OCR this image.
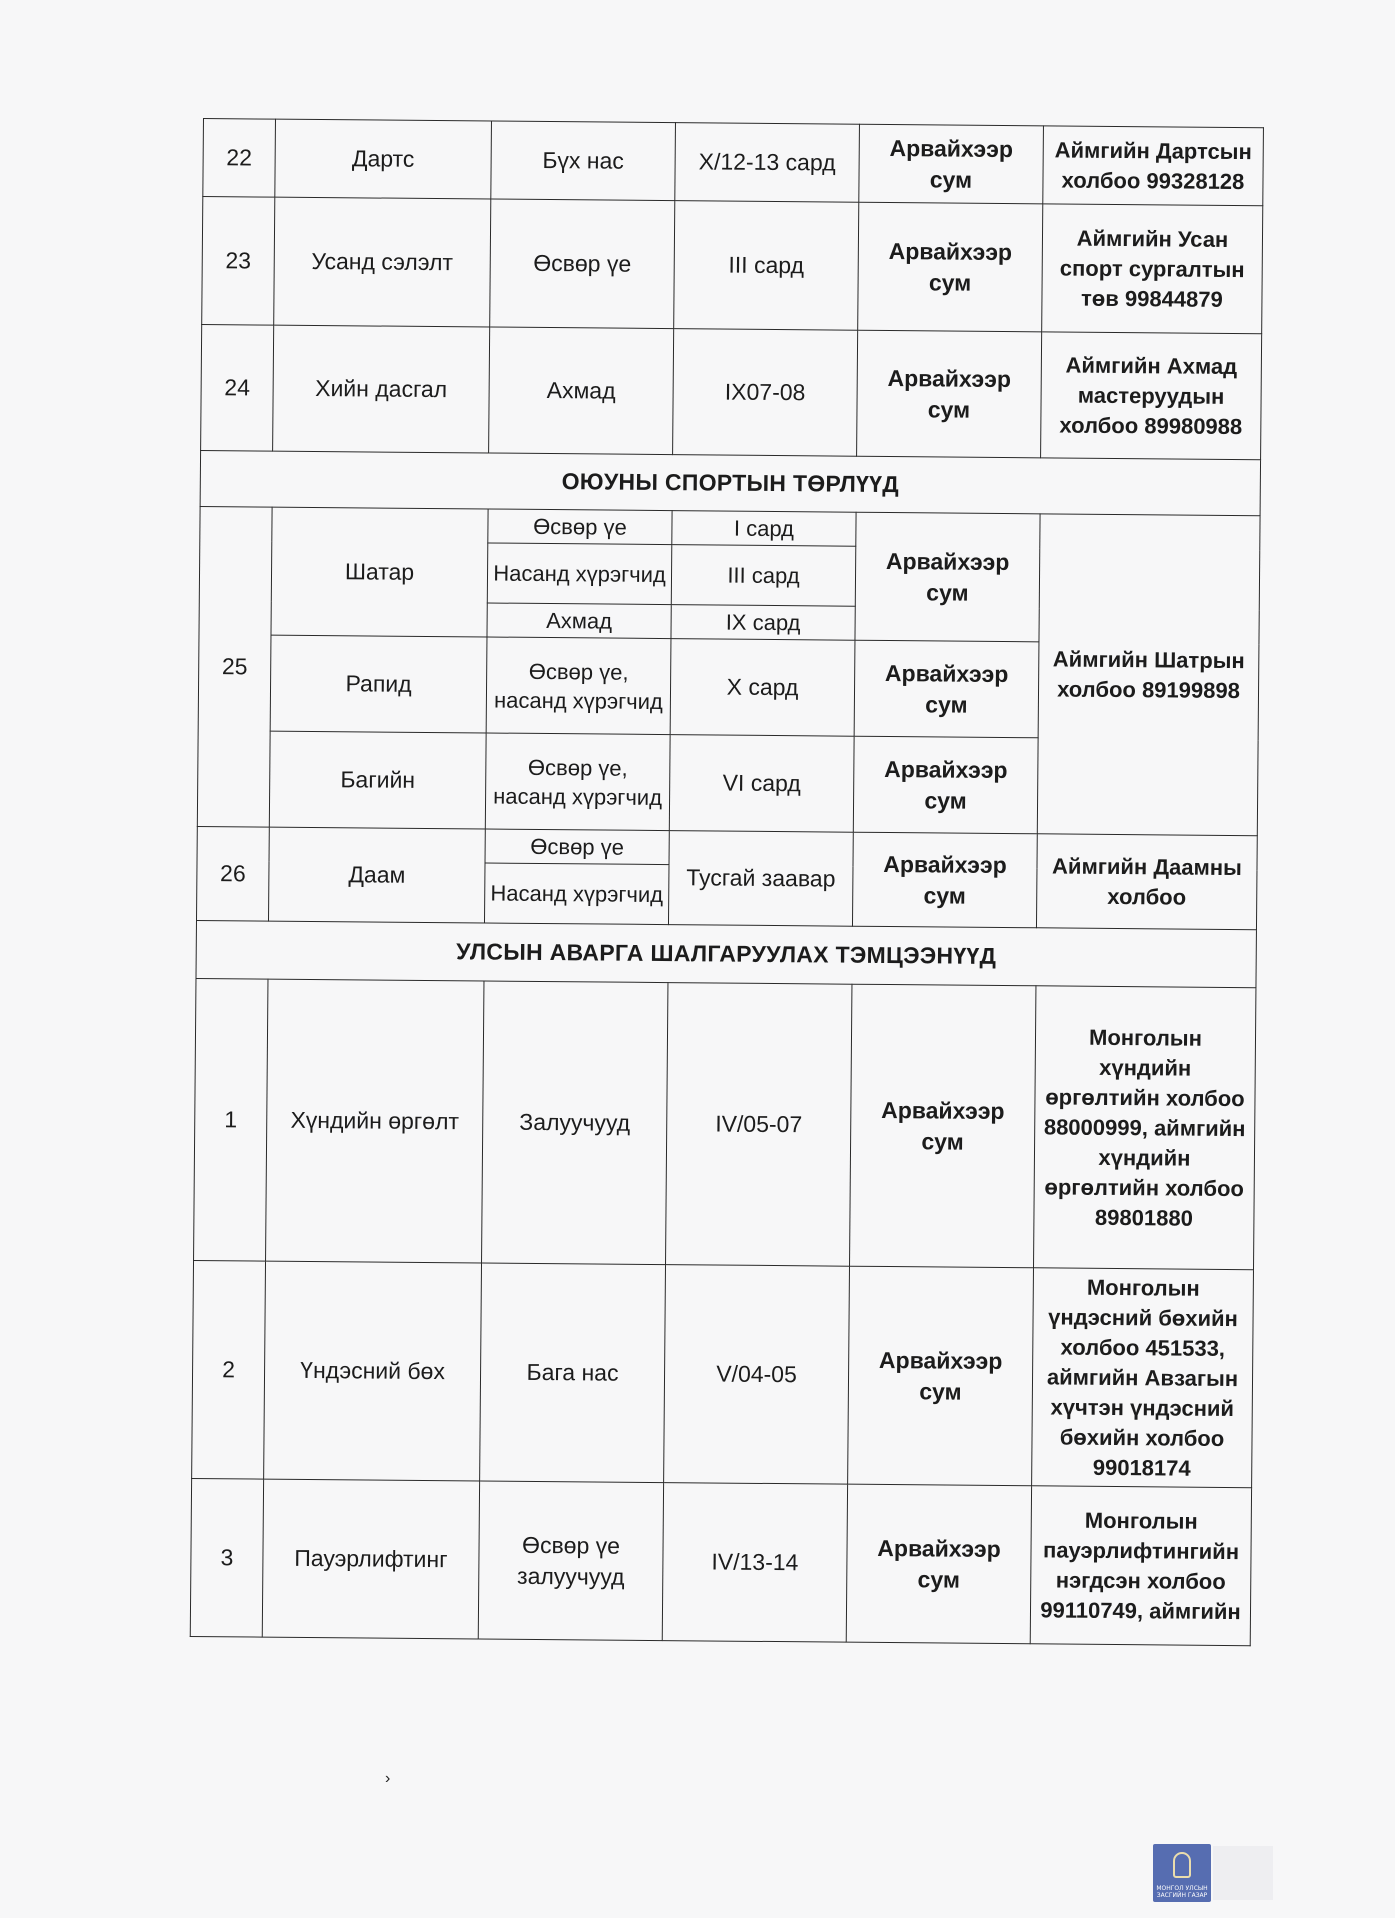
22	Дартс	Бүх нас	X/12-13 сард	Арвайхээр сум	Аймгийн Дартсын холбоо 99328128
23	Усанд сэлэлт	Өсвөр үе	III сард	Арвайхээр сум	Аймгийн Усан спорт сургалтын төв 99844879
24	Хийн дасгал	Ахмад	IX07-08	Арвайхээр сум	Аймгийн Ахмад мастеруудын холбоо 89980988
ОЮУНЫ СПОРТЫН ТӨРЛҮҮД					
25	Шатар	Өсвөр үе	I сард	Арвайхээр сум	Аймгийн Шатрын холбоо 89199898
		Насанд хүрэгчид	III сард		
		Ахмад	IX сард		
	Рапид	Өсвөр үе, насанд хүрэгчид	X сард	Арвайхээр сум	
	Багийн	Өсвөр үе, насанд хүрэгчид	VI сард	Арвайхээр сум	
26	Даам	Өсвөр үе	Тусгай заавар	Арвайхээр сум	Аймгийн Даамны холбоо
		Насанд хүрэгчид			
УЛСЫН АВАРГА ШАЛГАРУУЛАХ ТЭМЦЭЭНҮҮД					
1	Хүндийн өргөлт	Залуучууд	IV/05-07	Арвайхээр сум	Монголын хүндийн өргөлтийн холбоо 88000999, аймгийн хүндийн өргөлтийн холбоо 89801880
2	Үндэсний бөх	Бага нас	V/04-05	Арвайхээр сум	Монголын үндэсний бөхийн холбоо 451533, аймгийн Авзагын хүчтэн үндэсний бөхийн холбоо 99018174
3	Пауэрлифтинг	Өсвөр үе залуучууд	IV/13-14	Арвайхээр сум	Монголын пауэрлифтингийн нэгдсэн холбоо 99110749, аймгийн
›
МОНГОЛ УЛСЫН ЗАСГИЙН ГАЗАР
